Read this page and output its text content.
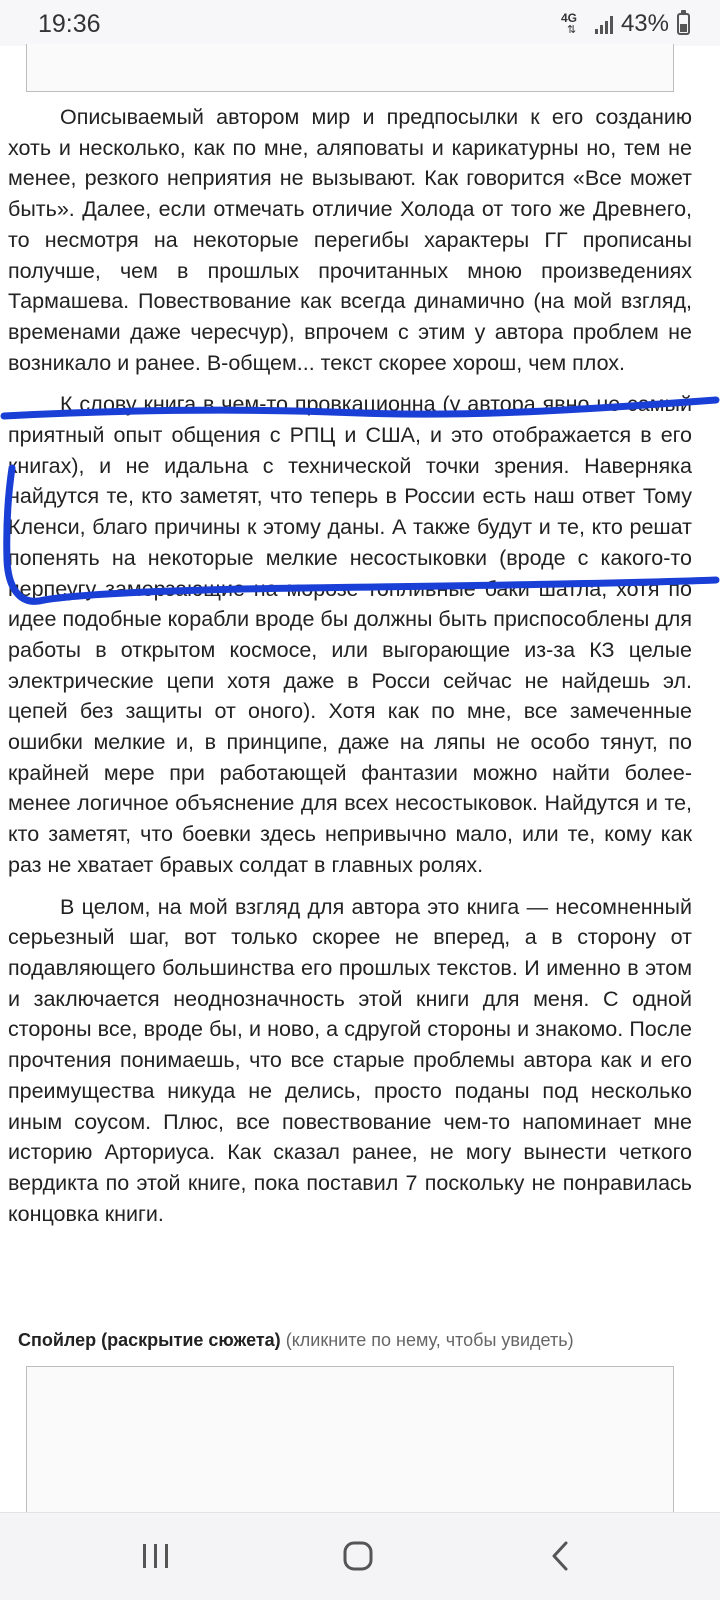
19:36	4G
⇅ 43%

Описываемый автором мир и предпосылки к его созданию хоть и несколько, как по мне, аляповаты и карикатурны но, тем не менее, резкого неприятия не вызывают. Как говорится «Все может быть». Далее, если отмечать отличие Холода от того же Древнего, то несмотря на некоторые перегибы характеры ГГ прописаны получше, чем в прошлых прочитанных мною произведениях Тармашева. Повествование как всегда динамично (на мой взгляд, временами даже чересчур), впрочем с этим у автора проблем не возникало и ранее. В-общем... текст скорее хорош, чем плох.

К слову книга в чем-то провкационна (у автора явно не самый приятный опыт общения с РПЦ и США, и это отображается в его книгах), и не идальна с технической точки зрения. Наверняка найдутся те, кто заметят, что теперь в России есть наш ответ Тому Кленси, благо причины к этому даны. А также будут и те, кто решат попенять на некоторые мелкие несостыковки (вроде с какого-то перпеугу замерзающие на морозе топливные баки шатла, хотя по идее подобные корабли вроде бы должны быть приспособлены для работы в открытом космосе, или выгорающие из-за КЗ целые электрические цепи хотя даже в Росси сейчас не найдешь эл. цепей без защиты от оного). Хотя как по мне, все замеченные ошибки мелкие и, в принципе, даже на ляпы не особо тянут, по крайней мере при работающей фантазии можно найти более-менее логичное объяснение для всех несостыковок. Найдутся и те, кто заметят, что боевки здесь непривычно мало, или те, кому как раз не хватает бравых солдат в главных ролях.

В целом, на мой взгляд для автора это книга — несомненный серьезный шаг, вот только скорее не вперед, а в сторону от подавляющего большинства его прошлых текстов. И именно в этом и заключается неоднозначность этой книги для меня. С одной стороны все, вроде бы, и ново, а сдругой стороны и знакомо. После прочтения понимаешь, что все старые проблемы автора как и его преимущества никуда не делись, просто поданы под несколько иным соусом. Плюс, все повествование чем-то напоминает мне историю Арториуса. Как сказал ранее, не могу вынести четкого вердикта по этой книге, пока поставил 7 поскольку не понравилась концовка книги.

Спойлер (раскрытие сюжета) (кликните по нему, чтобы увидеть)
